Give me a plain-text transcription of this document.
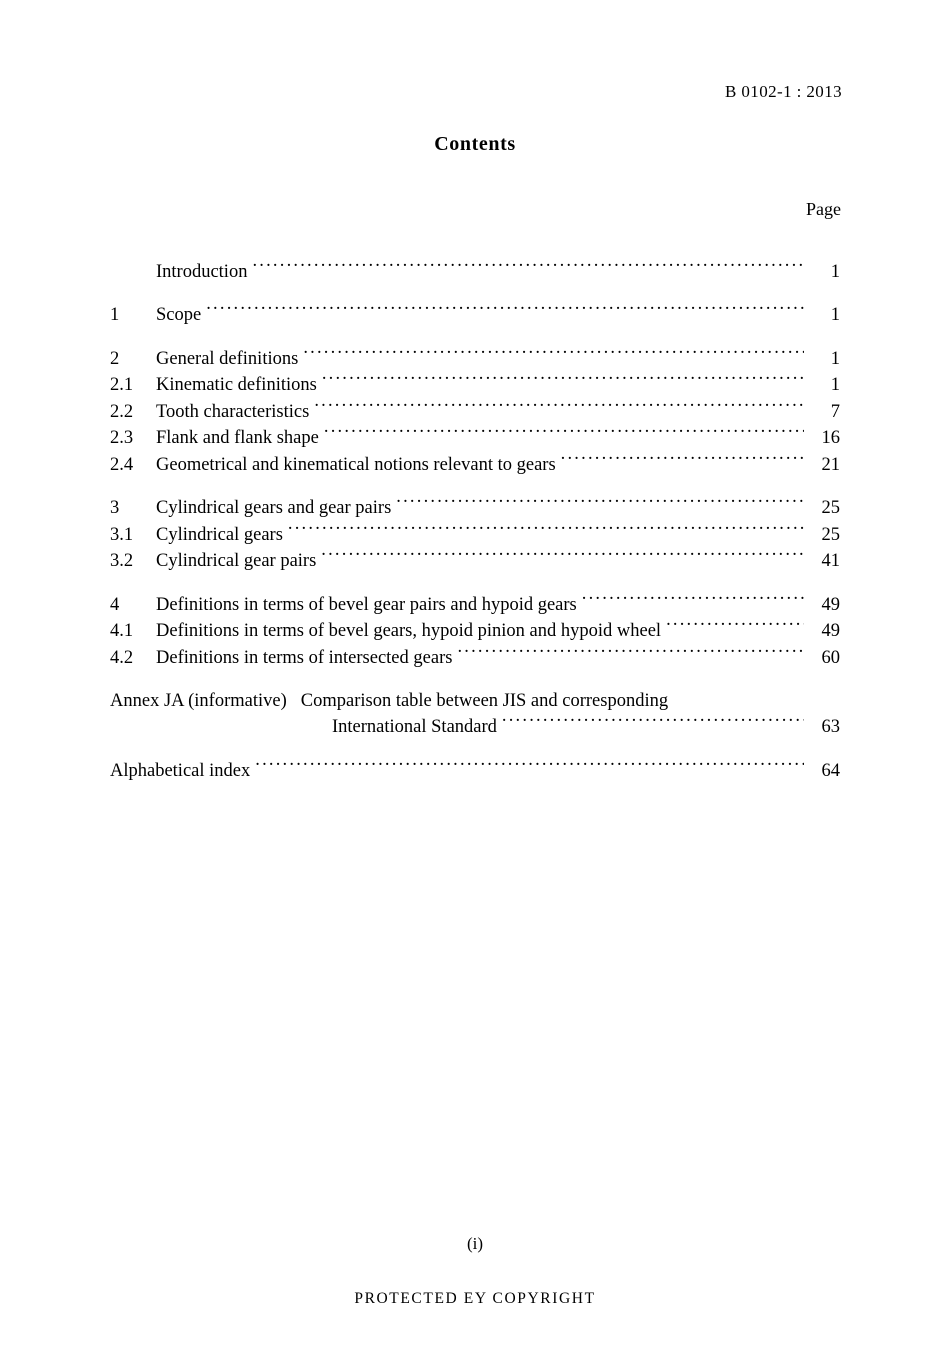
B 0102-1 : 2013
Contents
Page
Introduction .....	1
1	Scope .....	1
2	General definitions .....	1
2.1	Kinematic definitions .....	1
2.2	Tooth characteristics .....	7
2.3	Flank and flank shape .....	16
2.4	Geometrical and kinematical notions relevant to gears .....	21
3	Cylindrical gears and gear pairs .....	25
3.1	Cylindrical gears .....	25
3.2	Cylindrical gear pairs .....	41
4	Definitions in terms of bevel gear pairs and hypoid gears .....	49
4.1	Definitions in terms of bevel gears, hypoid pinion and hypoid wheel .....	49
4.2	Definitions in terms of intersected gears .....	60
Annex JA (informative) Comparison table between JIS and corresponding
International Standard .....	63
Alphabetical index .....	64
(i)
PROTECTED EY COPYRIGHT
